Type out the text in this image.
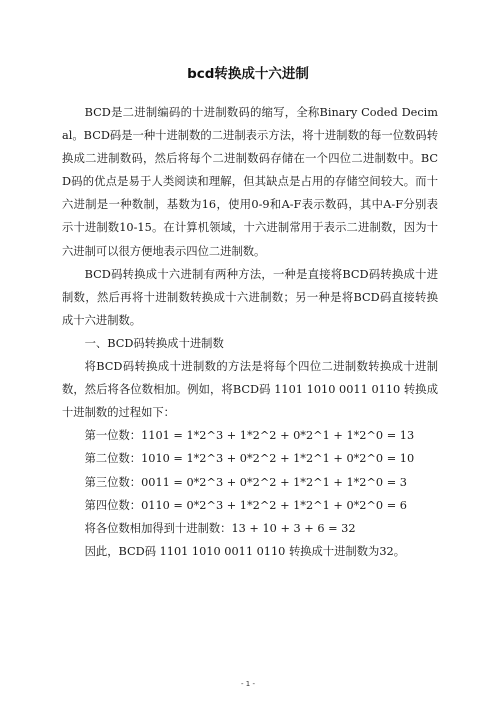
bcd转换成十六进制

BCD是二进制编码的十进制数码的缩写，全称Binary Coded Decimal。BCD码是一种十进制数的二进制表示方法，将十进制数的每一位数码转换成二进制数码，然后将每个二进制数码存储在一个四位二进制数中。BCD码的优点是易于人类阅读和理解，但其缺点是占用的存储空间较大。而十六进制是一种数制，基数为16，使用0-9和A-F表示数码，其中A-F分别表示十进制数10-15。在计算机领域，十六进制常用于表示二进制数，因为十六进制可以很方便地表示四位二进制数。

BCD码转换成十六进制有两种方法，一种是直接将BCD码转换成十进制数，然后再将十进制数转换成十六进制数；另一种是将BCD码直接转换成十六进制数。

一、BCD码转换成十进制数

将BCD码转换成十进制数的方法是将每个四位二进制数转换成十进制数，然后将各位数相加。例如，将BCD码 1101 1010 0011 0110 转换成十进制数的过程如下：

第一位数：1101 = 1*2^3 + 1*2^2 + 0*2^1 + 1*2^0 = 13

第二位数：1010 = 1*2^3 + 0*2^2 + 1*2^1 + 0*2^0 = 10

第三位数：0011 = 0*2^3 + 0*2^2 + 1*2^1 + 1*2^0 = 3

第四位数：0110 = 0*2^3 + 1*2^2 + 1*2^1 + 0*2^0 = 6

将各位数相加得到十进制数：13 + 10 + 3 + 6 = 32

因此，BCD码 1101 1010 0011 0110 转换成十进制数为32。

- 1 -
